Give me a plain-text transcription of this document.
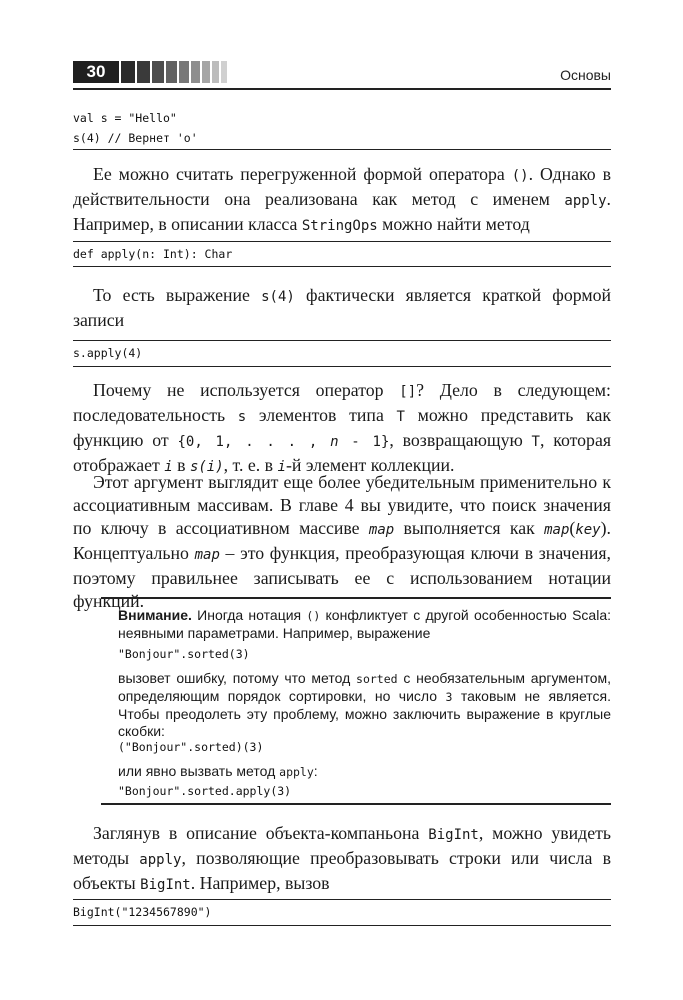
30	Основы
val s = "Hello"
s(4) // Вернет 'o'
Ее можно считать перегруженной формой оператора (). Однако в действительности она реализована как метод с именем apply. Например, в описании класса StringOps можно найти метод
def apply(n: Int): Char
То есть выражение s(4) фактически является краткой формой записи
s.apply(4)
Почему не используется оператор []? Дело в следующем: последовательность s элементов типа T можно представить как функцию от {0, 1, . . . , n - 1}, возвращающую T, которая отображает i в s(i), т. е. в i-й элемент коллекции.
Этот аргумент выглядит еще более убедительным применительно к ассоциативным массивам. В главе 4 вы увидите, что поиск значения по ключу в ассоциативном массиве map выполняется как map(key). Концептуально map – это функция, преобразующая ключи в значения, поэтому правильнее записывать ее с использованием нотации функций.
Внимание. Иногда нотация () конфликтует с другой особенностью Scala: неявными параметрами. Например, выражение
"Bonjour".sorted(3)
вызовет ошибку, потому что метод sorted с необязательным аргументом, определяющим порядок сортировки, но число 3 таковым не является. Чтобы преодолеть эту проблему, можно заключить выражение в круглые скобки:
("Bonjour".sorted)(3)
или явно вызвать метод apply:
"Bonjour".sorted.apply(3)
Заглянув в описание объекта-компаньона BigInt, можно увидеть методы apply, позволяющие преобразовывать строки или числа в объекты BigInt. Например, вызов
BigInt("1234567890")
